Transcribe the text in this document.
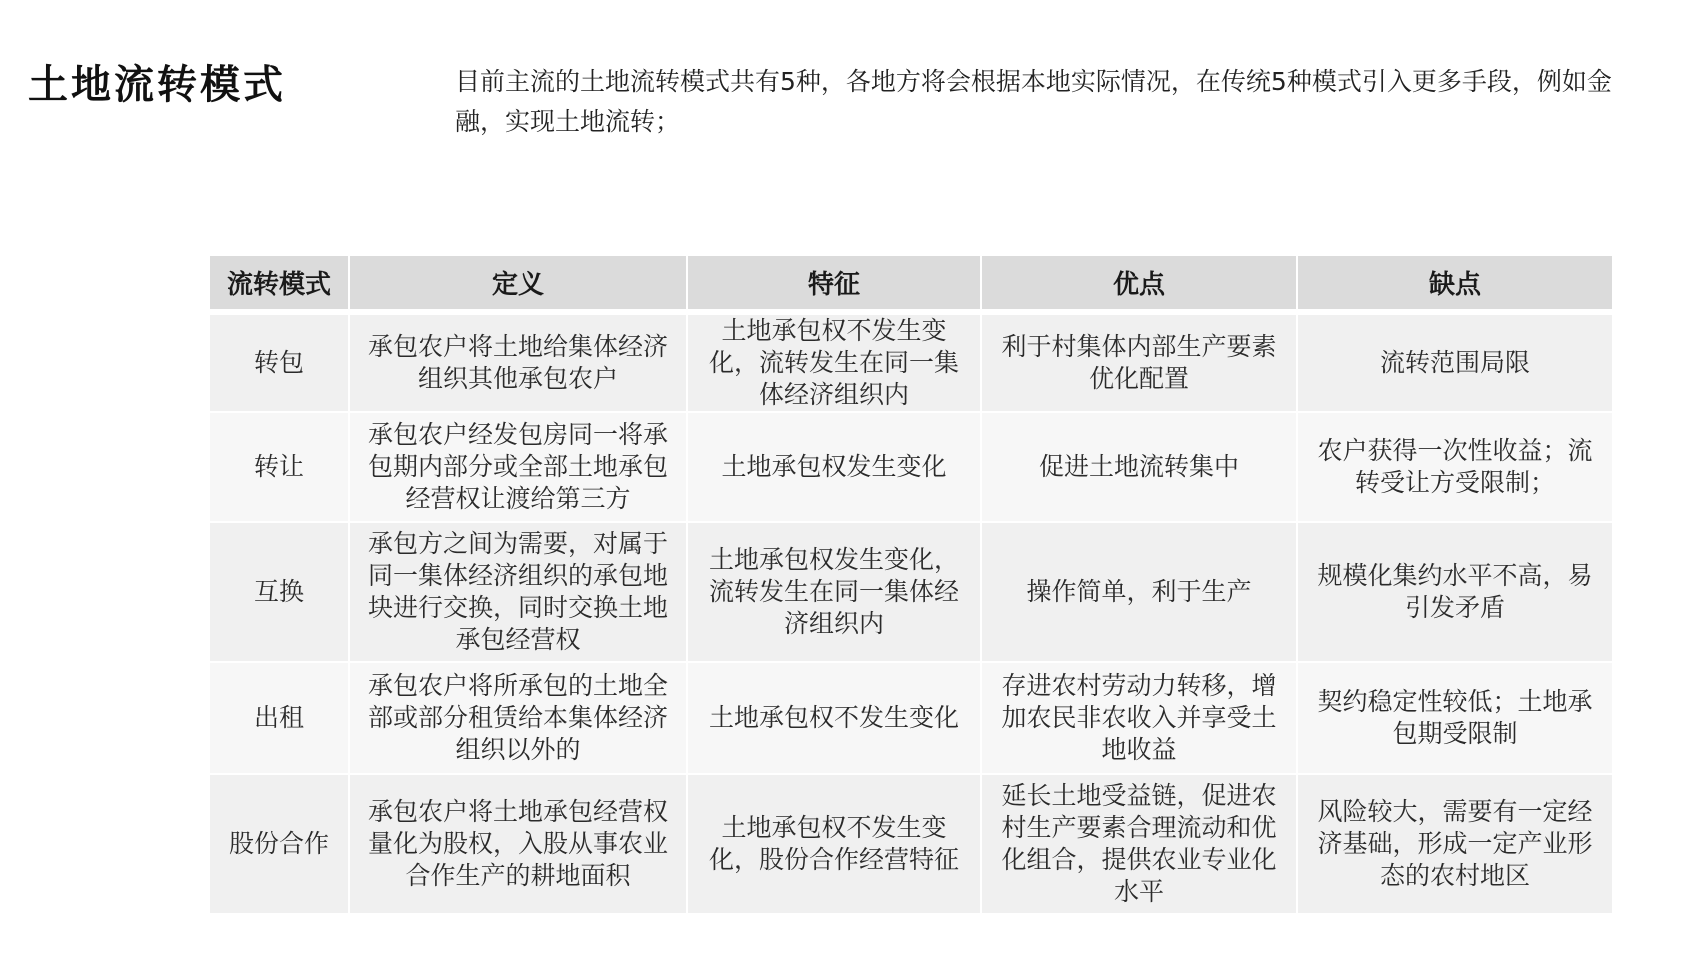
土地流转模式	目前主流的土地流转模式共有5种，各地方将会根据本地实际情况，在传统5种模式引入更多手段，例如金融，实现土地流转；
流转模式	定义	特征	优点	缺点
转包	承包农户将土地给集体经济组织其他承包农户	土地承包权不发生变化，流转发生在同一集体经济组织内	利于村集体内部生产要素优化配置	流转范围局限
转让	承包农户经发包房同一将承包期内部分或全部土地承包经营权让渡给第三方	土地承包权发生变化	促进土地流转集中	农户获得一次性收益；流转受让方受限制；
互换	承包方之间为需要，对属于同一集体经济组织的承包地块进行交换，同时交换土地承包经营权	土地承包权发生变化，流转发生在同一集体经济组织内	操作简单，利于生产	规模化集约水平不高，易引发矛盾
出租	承包农户将所承包的土地全部或部分租赁给本集体经济组织以外的	土地承包权不发生变化	存进农村劳动力转移，增加农民非农收入并享受土地收益	契约稳定性较低；土地承包期受限制
股份合作	承包农户将土地承包经营权量化为股权，入股从事农业合作生产的耕地面积	土地承包权不发生变化，股份合作经营特征	延长土地受益链，促进农村生产要素合理流动和优化组合，提供农业专业化水平	风险较大，需要有一定经济基础，形成一定产业形态的农村地区
